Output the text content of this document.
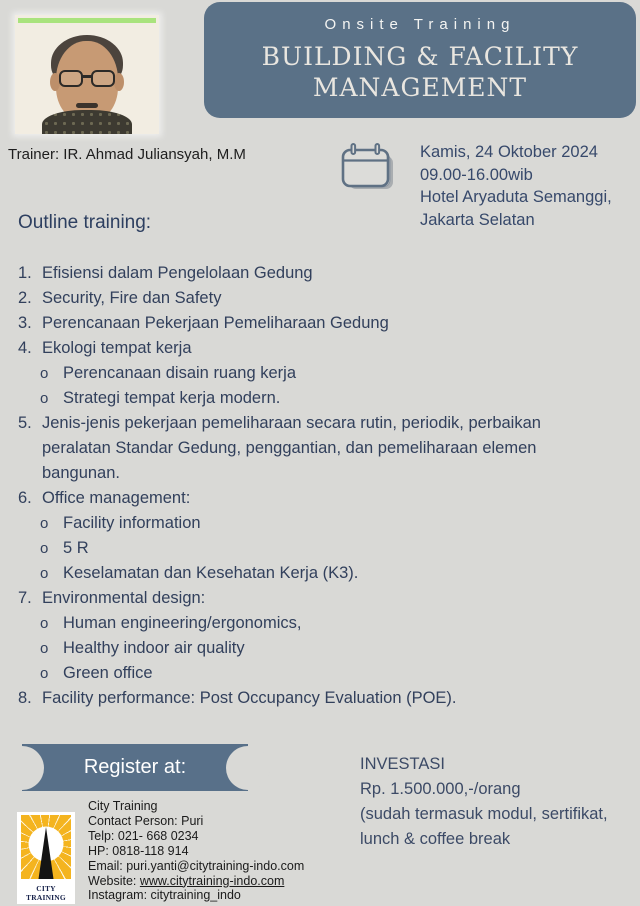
Onsite Training
BUILDING & FACILITY
MANAGEMENT
Trainer: IR. Ahmad Juliansyah, M.M	Kamis, 24 Oktober 2024
09.00-16.00wib
Hotel Aryaduta Semanggi,
Jakarta Selatan
Outline training:
1. Efisiensi dalam Pengelolaan Gedung
2. Security, Fire dan Safety
3. Perencanaan Pekerjaan Pemeliharaan Gedung
4. Ekologi tempat kerja
o Perencanaan disain ruang kerja
o Strategi tempat kerja modern.
5. Jenis-jenis pekerjaan pemeliharaan secara rutin, periodik, perbaikan peralatan Standar Gedung, penggantian, dan pemeliharaan elemen bangunan.
6. Office management:
o Facility information
o 5 R
o Keselamatan dan Kesehatan Kerja (K3).
7. Environmental design:
o Human engineering/ergonomics,
o Healthy indoor air quality
o Green office
8. Facility performance: Post Occupancy Evaluation (POE).
Register at:
City Training
Contact Person: Puri
Telp: 021- 668 0234
HP: 0818-118 914
Email: puri.yanti@citytraining-indo.com
Website: www.citytraining-indo.com
Instagram: citytraining_indo
CITY TRAINING
INVESTASI
Rp. 1.500.000,-/orang
(sudah termasuk modul, sertifikat,
lunch & coffee break
